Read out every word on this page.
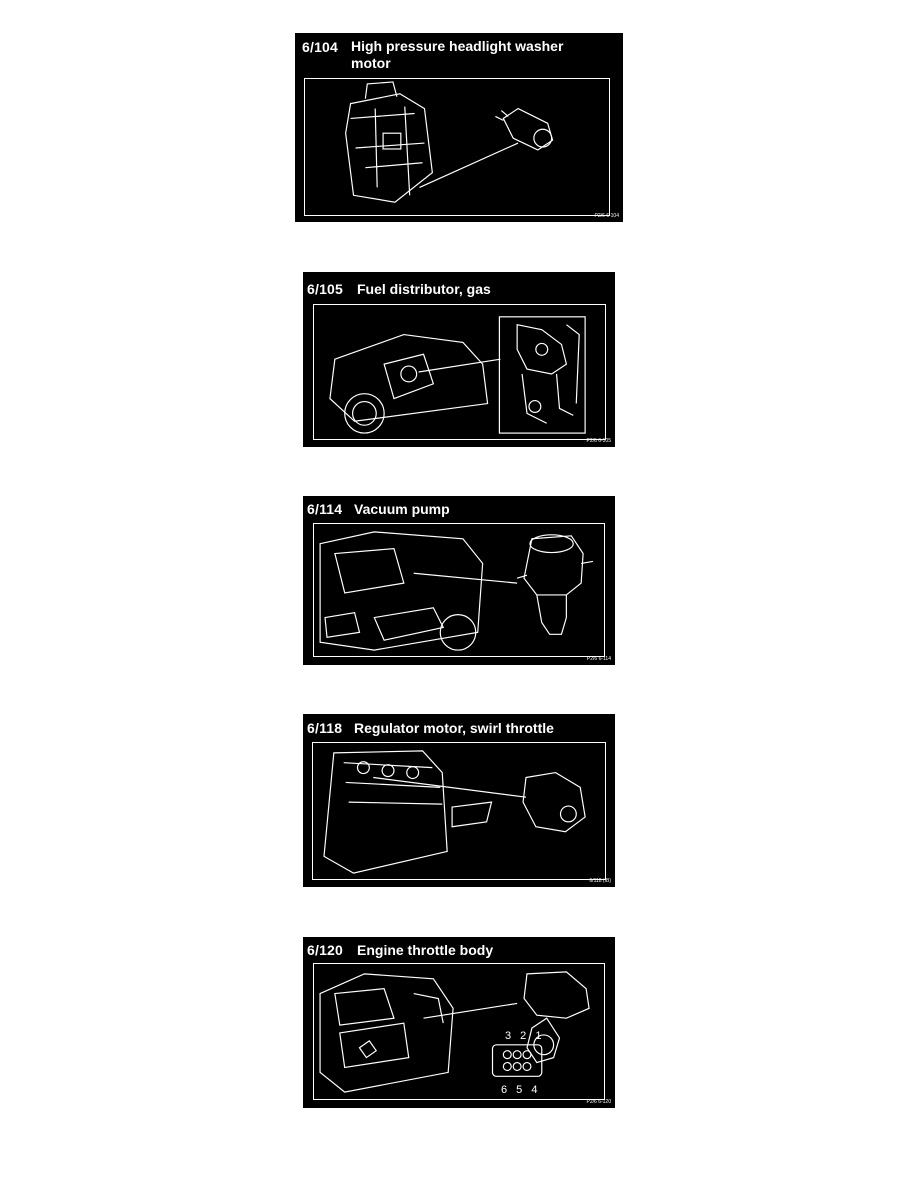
6/104 High pressure headlight washer motor
P2/6 6-104
6/105 Fuel distributor, gas
P2/6 6-105
6/114 Vacuum pump
P2/6 6-114
6/118 Regulator motor, swirl throttle
6/118 (IB)
6/120 Engine throttle body
3 2 1
6 5 4
P2/6 6-120
